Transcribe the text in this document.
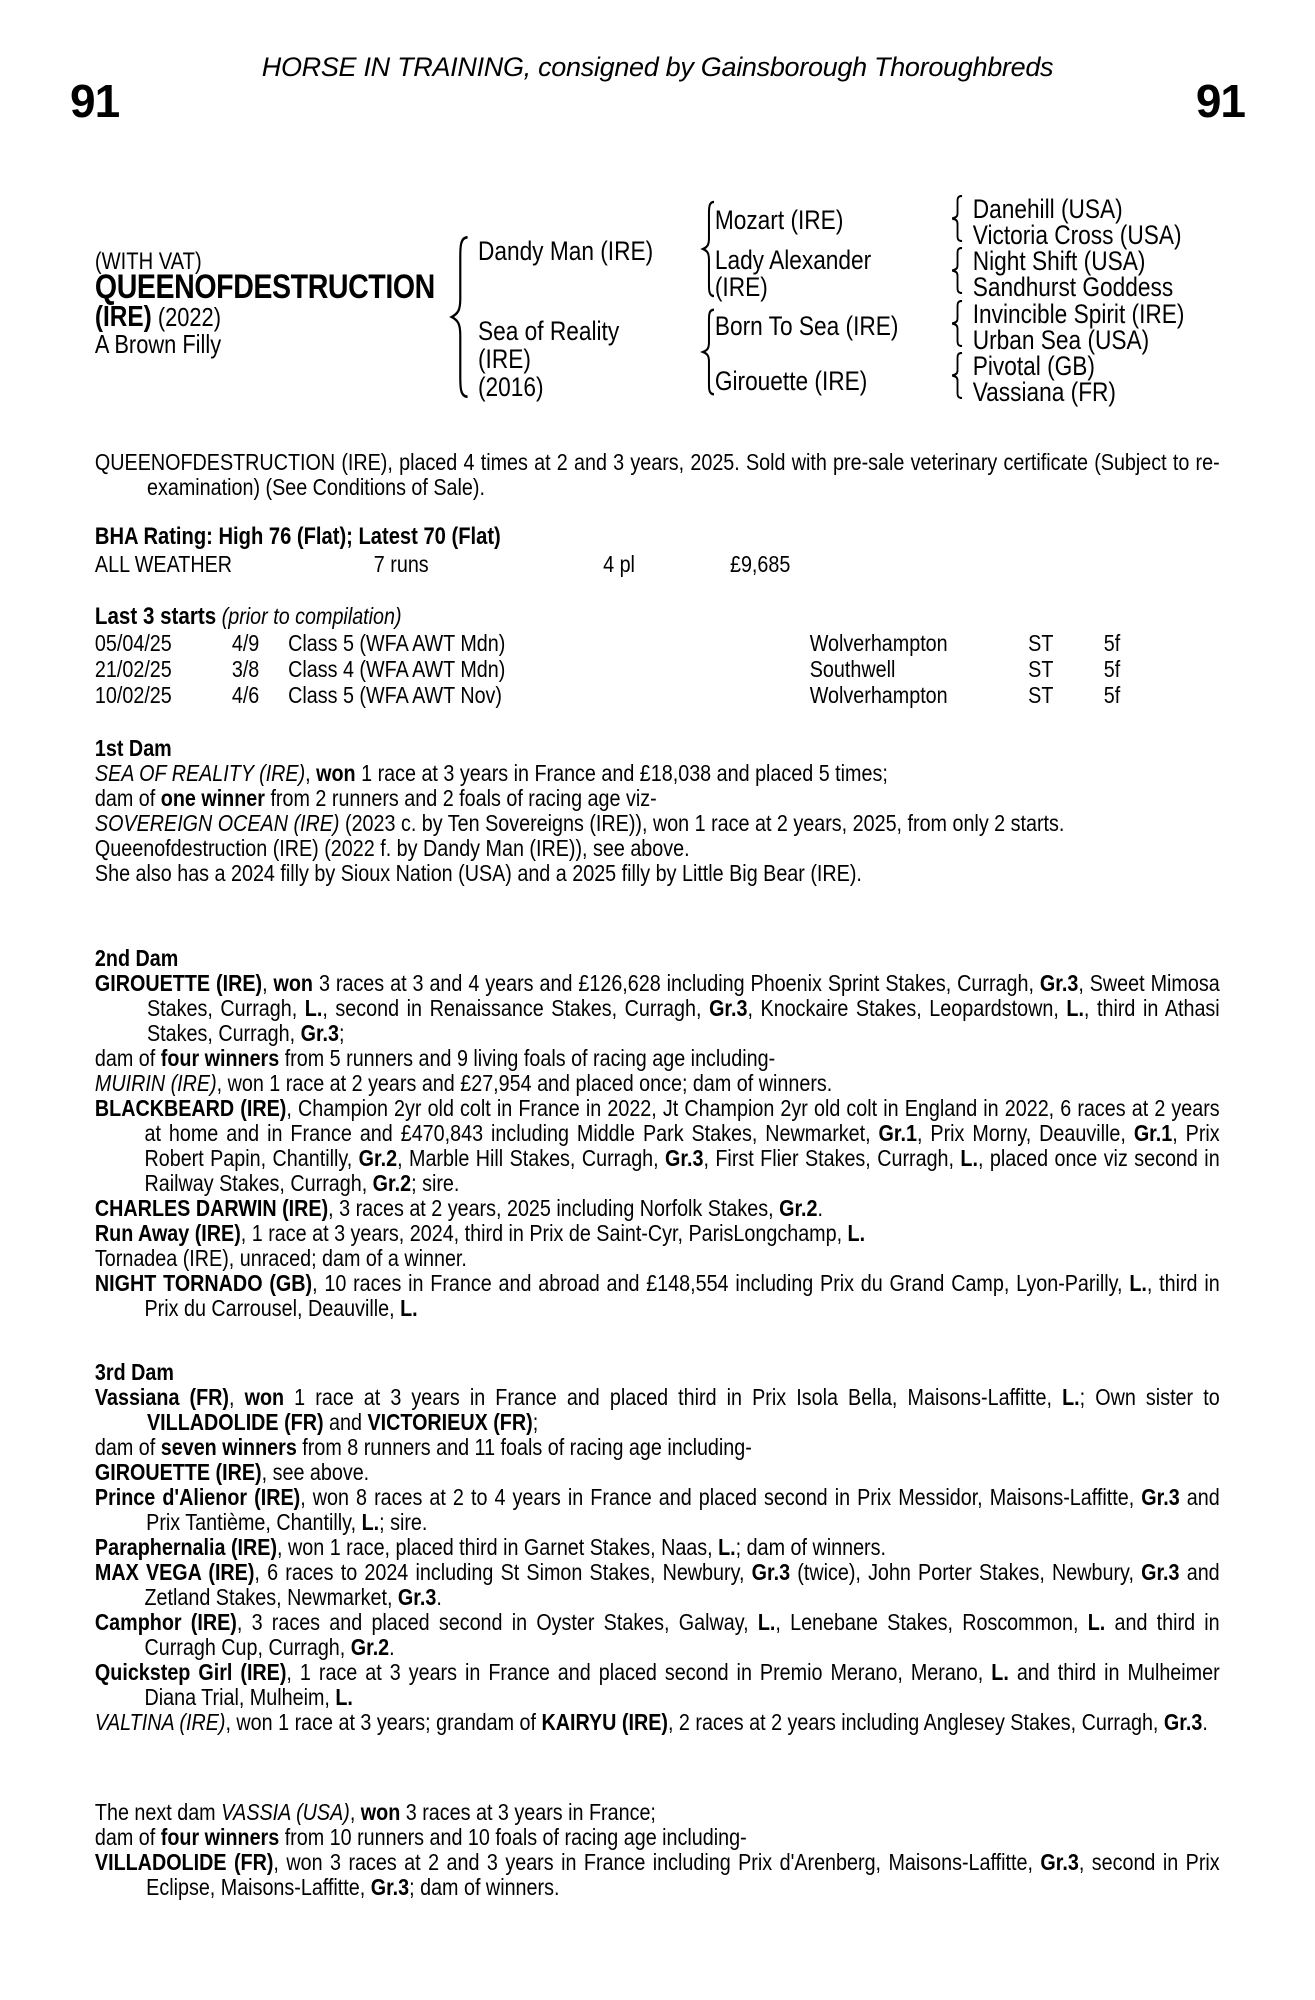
HORSE IN TRAINING, consigned by Gainsborough Thoroughbreds
91	91
(WITH VAT)
QUEENOFDESTRUCTION
(IRE) (2022)
A Brown Filly
Dandy Man (IRE)
Sea of Reality
(IRE)
(2016)
Mozart (IRE)
Lady Alexander
(IRE)
Born To Sea (IRE)
Girouette (IRE)
Danehill (USA)
Victoria Cross (USA)
Night Shift (USA)
Sandhurst Goddess
Invincible Spirit (IRE)
Urban Sea (USA)
Pivotal (GB)
Vassiana (FR)

QUEENOFDESTRUCTION (IRE), placed 4 times at 2 and 3 years, 2025. Sold with pre-sale veterinary certificate (Subject to re-examination) (See Conditions of Sale).

BHA Rating: High 76 (Flat); Latest 70 (Flat)

ALL WEATHER	7 runs	4 pl	£9,685

Last 3 starts (prior to compilation)

05/04/25	4/9	Class 5 (WFA AWT Mdn)	Wolverhampton	ST	5f
21/02/25	3/8	Class 4 (WFA AWT Mdn)	Southwell	ST	5f
10/02/25	4/6	Class 5 (WFA AWT Nov)	Wolverhampton	ST	5f

1st Dam

SEA OF REALITY (IRE), won 1 race at 3 years in France and £18,038 and placed 5 times;

dam of one winner from 2 runners and 2 foals of racing age viz-

SOVEREIGN OCEAN (IRE) (2023 c. by Ten Sovereigns (IRE)), won 1 race at 2 years, 2025, from only 2 starts.

Queenofdestruction (IRE) (2022 f. by Dandy Man (IRE)), see above.

She also has a 2024 filly by Sioux Nation (USA) and a 2025 filly by Little Big Bear (IRE).

2nd Dam

GIROUETTE (IRE), won 3 races at 3 and 4 years and £126,628 including Phoenix Sprint Stakes, Curragh, Gr.3, Sweet Mimosa Stakes, Curragh, L., second in Renaissance Stakes, Curragh, Gr.3, Knockaire Stakes, Leopardstown, L., third in Athasi Stakes, Curragh, Gr.3;

dam of four winners from 5 runners and 9 living foals of racing age including-

MUIRIN (IRE), won 1 race at 2 years and £27,954 and placed once; dam of winners.

BLACKBEARD (IRE), Champion 2yr old colt in France in 2022, Jt Champion 2yr old colt in England in 2022, 6 races at 2 years at home and in France and £470,843 including Middle Park Stakes, Newmarket, Gr.1, Prix Morny, Deauville, Gr.1, Prix Robert Papin, Chantilly, Gr.2, Marble Hill Stakes, Curragh, Gr.3, First Flier Stakes, Curragh, L., placed once viz second in Railway Stakes, Curragh, Gr.2; sire.

CHARLES DARWIN (IRE), 3 races at 2 years, 2025 including Norfolk Stakes, Gr.2.

Run Away (IRE), 1 race at 3 years, 2024, third in Prix de Saint-Cyr, ParisLongchamp, L.

Tornadea (IRE), unraced; dam of a winner.

NIGHT TORNADO (GB), 10 races in France and abroad and £148,554 including Prix du Grand Camp, Lyon-Parilly, L., third in Prix du Carrousel, Deauville, L.

3rd Dam

Vassiana (FR), won 1 race at 3 years in France and placed third in Prix Isola Bella, Maisons-Laffitte, L.; Own sister to VILLADOLIDE (FR) and VICTORIEUX (FR);

dam of seven winners from 8 runners and 11 foals of racing age including-

GIROUETTE (IRE), see above.

Prince d'Alienor (IRE), won 8 races at 2 to 4 years in France and placed second in Prix Messidor, Maisons-Laffitte, Gr.3 and Prix Tantième, Chantilly, L.; sire.

Paraphernalia (IRE), won 1 race, placed third in Garnet Stakes, Naas, L.; dam of winners.

MAX VEGA (IRE), 6 races to 2024 including St Simon Stakes, Newbury, Gr.3 (twice), John Porter Stakes, Newbury, Gr.3 and Zetland Stakes, Newmarket, Gr.3.

Camphor (IRE), 3 races and placed second in Oyster Stakes, Galway, L., Lenebane Stakes, Roscommon, L. and third in Curragh Cup, Curragh, Gr.2.

Quickstep Girl (IRE), 1 race at 3 years in France and placed second in Premio Merano, Merano, L. and third in Mulheimer Diana Trial, Mulheim, L.

VALTINA (IRE), won 1 race at 3 years; grandam of KAIRYU (IRE), 2 races at 2 years including Anglesey Stakes, Curragh, Gr.3.

The next dam VASSIA (USA), won 3 races at 3 years in France;

dam of four winners from 10 runners and 10 foals of racing age including-

VILLADOLIDE (FR), won 3 races at 2 and 3 years in France including Prix d'Arenberg, Maisons-Laffitte, Gr.3, second in Prix Eclipse, Maisons-Laffitte, Gr.3; dam of winners.
